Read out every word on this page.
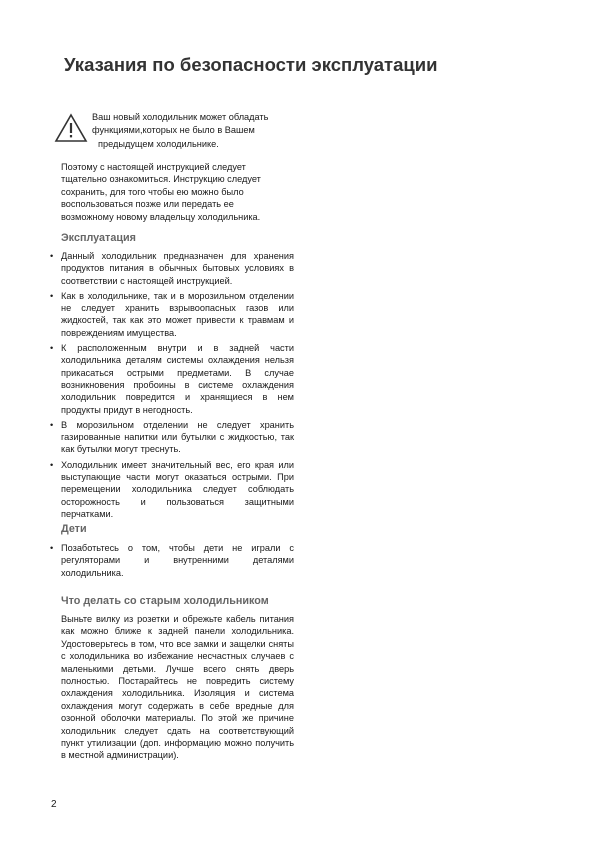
Указания по безопасности эксплуатации
Ваш новый холодильник может обладать
функциями,которых не было в Вашем
предыдущем холодильнике.
Поэтому с настоящей инструкцией следует
тщательно ознакомиться. Инструкцию следует
сохранить, для того чтобы ею можно было
воспользоваться позже или передать ее
возможному новому владельцу холодильника.
Эксплуатация
• Данный холодильник предназначен для хранения продуктов питания в обычных бытовых условиях в соответствии с настоящей инструкцией.
• Как в холодильнике, так и в морозильном отделении не следует хранить взрывоопасных газов или жидкостей, так как это может привести к травмам и повреждениям имущества.
• К расположенным внутри и в задней части холодильника деталям системы охлаждения нельзя прикасаться острыми предметами. В случае возникновения пробоины в системе охлаждения холодильник повредится и хранящиеся в нем продукты придут в негодность.
• В морозильном отделении не следует хранить газированные напитки или бутылки с жидкостью, так как бутылки могут треснуть.
• Холодильник имеет значительный вес, его края или выступающие части могут оказаться острыми. При перемещении холодильника следует соблюдать осторожность и пользоваться защитными перчатками.
Дети
• Позаботьтесь о том, чтобы дети не играли с регуляторами и внутренними деталями холодильника.
Что делать со старым холодильником
Выньте вилку из розетки и обрежьте кабель питания как можно ближе к задней панели холодильника. Удостоверьтесь в том, что все замки и защелки сняты с холодильника во избежание несчастных случаев с маленькими детьми. Лучше всего снять дверь полностью. Постарайтесь не повредить систему охлаждения холодильника. Изоляция и система охлаждения могут содержать в себе вредные для озонной оболочки материалы. По этой же причине холодильник следует сдать на соответствующий пункт утилизации (доп. информацию можно получить в местной администрации).
2
